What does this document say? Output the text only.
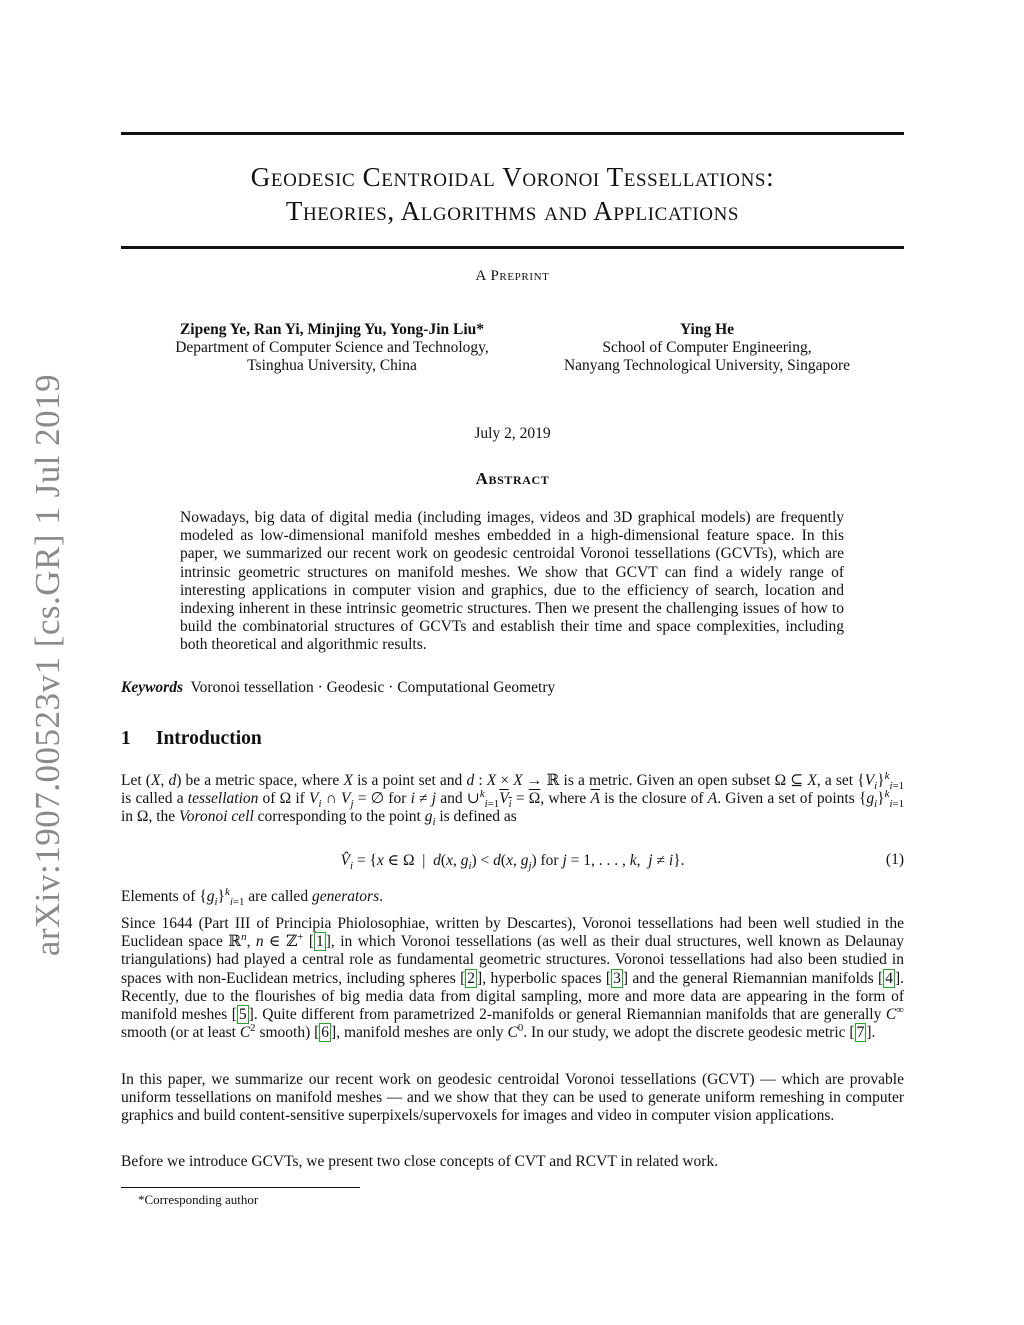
arXiv:1907.00523v1 [cs.GR] 1 Jul 2019
Geodesic Centroidal Voronoi Tessellations:
Theories, Algorithms and Applications
A Preprint
Zipeng Ye, Ran Yi, Minjing Yu, Yong-Jin Liu*
Department of Computer Science and Technology,
Tsinghua University, China
Ying He
School of Computer Engineering,
Nanyang Technological University, Singapore
July 2, 2019
Abstract
Nowadays, big data of digital media (including images, videos and 3D graphical models) are frequently modeled as low-dimensional manifold meshes embedded in a high-dimensional feature space. In this paper, we summarized our recent work on geodesic centroidal Voronoi tessellations (GCVTs), which are intrinsic geometric structures on manifold meshes. We show that GCVT can find a widely range of interesting applications in computer vision and graphics, due to the efficiency of search, location and indexing inherent in these intrinsic geometric structures. Then we present the challenging issues of how to build the combinatorial structures of GCVTs and establish their time and space complexities, including both theoretical and algorithmic results.
Keywords Voronoi tessellation · Geodesic · Computational Geometry
1 Introduction
Let (X, d) be a metric space, where X is a point set and d : X × X → ℝ is a metric. Given an open subset Ω ⊆ X, a set $\{V_i\}^k_{i=1}$ is called a tessellation of Ω if $V_i$ ∩ $V_j$ = ∅ for i ≠ j and $\cup^k_{i=1}V_i = \overline{\Omega}$, where $\overline{A}$ is the closure of A. Given a set of points $\{g_i\}^k_{i=1}$ in Ω, the Voronoi cell corresponding to the point $g_i$ is defined as
$V̂_i = \{x$ ∈ Ω  |  d(x, $g_i) < d(x$, $g_j$) for j = 1, . . . , k,  j ≠ i}.	(1)
Elements of $\{g_i\}^k_{i=1}$ are called generators.
Since 1644 (Part III of Principia Phiolosophiae, written by Descartes), Voronoi tessellations had been well studied in the Euclidean space ℝ$^n$, n ∈ ℤ+ [ 1 ], in which Voronoi tessellations (as well as their dual structures, well known as Delaunay triangulations) had played a central role as fundamental geometric structures. Voronoi tessellations had also been studied in spaces with non-Euclidean metrics, including spheres [ 2 ], hyperbolic spaces [ 3 ] and the general Riemannian manifolds [ 4 ]. Recently, due to the flourishes of big media data from digital sampling, more and more data are appearing in the form of manifold meshes [ 5 ]. Quite different from parametrized 2-manifolds or general Riemannian manifolds that are generally C∞ smooth (or at least $C^2$ smooth) [ 6 ], manifold meshes are only $C^0$. In our study, we adopt the discrete geodesic metric [ 7 ].
In this paper, we summarize our recent work on geodesic centroidal Voronoi tessellations (GCVT) — which are provable uniform tessellations on manifold meshes — and we show that they can be used to generate uniform remeshing in computer graphics and build content-sensitive superpixels/supervoxels for images and video in computer vision applications.
Before we introduce GCVTs, we present two close concepts of CVT and RCVT in related work.
*Corresponding author
